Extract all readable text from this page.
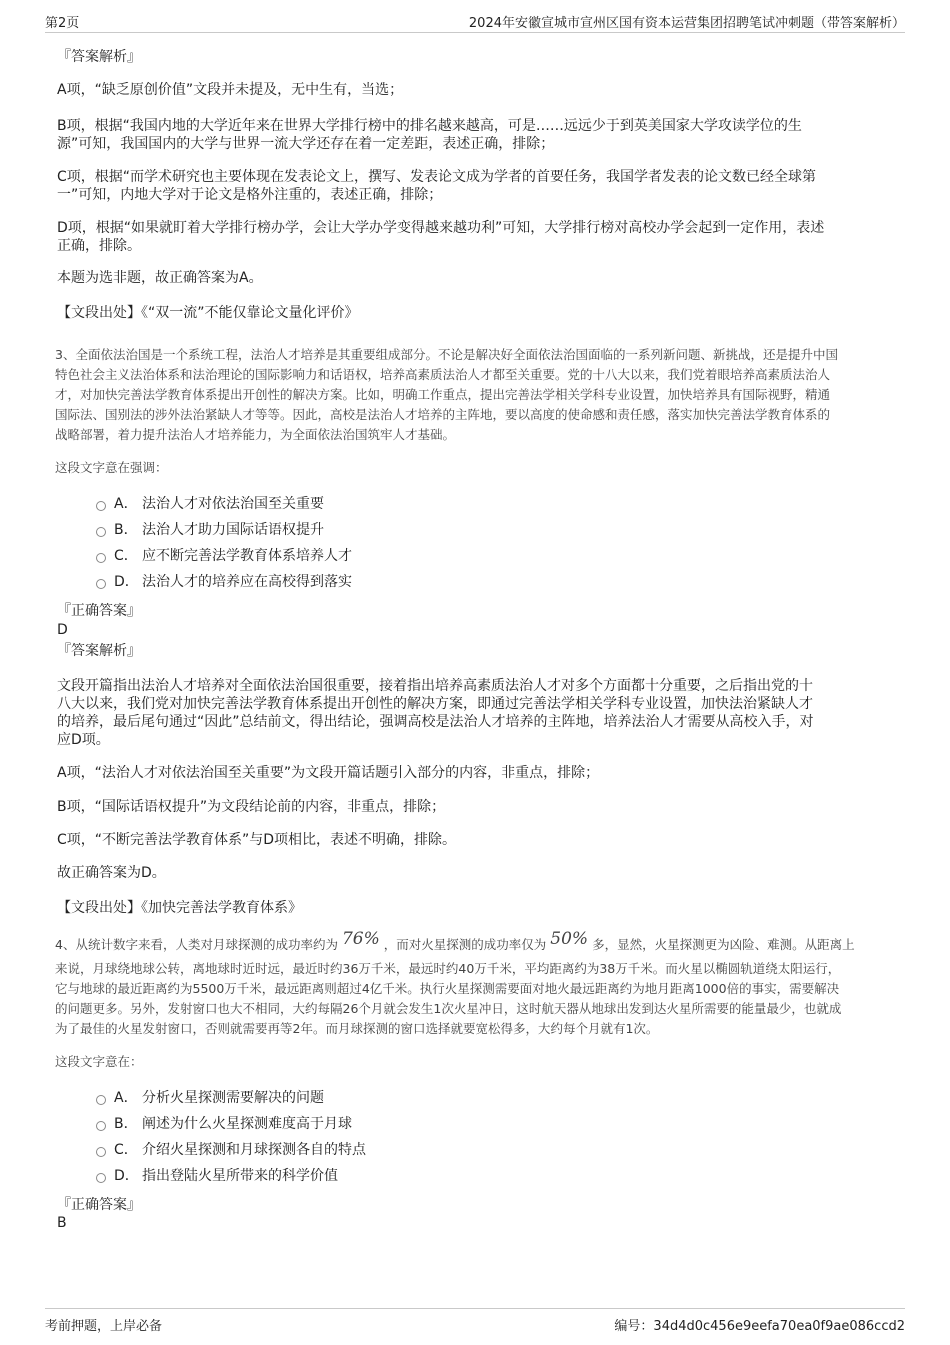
第2页	2024年安徽宣城市宣州区国有资本运营集团招聘笔试冲刺题（带答案解析）
『答案解析』
A项，“缺乏原创价值”文段并未提及，无中生有，当选；
B项，根据“我国内地的大学近年来在世界大学排行榜中的排名越来越高，可是……远远少于到英美国家大学攻读学位的生
源”可知，我国国内的大学与世界一流大学还存在着一定差距，表述正确，排除；
C项，根据“而学术研究也主要体现在发表论文上，撰写、发表论文成为学者的首要任务，我国学者发表的论文数已经全球第
一”可知，内地大学对于论文是格外注重的，表述正确，排除；
D项，根据“如果就盯着大学排行榜办学，会让大学办学变得越来越功利”可知，大学排行榜对高校办学会起到一定作用，表述
正确，排除。
本题为选非题，故正确答案为A。
【文段出处】《“双一流”不能仅靠论文量化评价》
3、全面依法治国是一个系统工程，法治人才培养是其重要组成部分。不论是解决好全面依法治国面临的一系列新问题、新挑战，还是提升中国
特色社会主义法治体系和法治理论的国际影响力和话语权，培养高素质法治人才都至关重要。党的十八大以来，我们党着眼培养高素质法治人
才，对加快完善法学教育体系提出开创性的解决方案。比如，明确工作重点，提出完善法学相关学科专业设置，加快培养具有国际视野，精通
国际法、国别法的涉外法治紧缺人才等等。因此，高校是法治人才培养的主阵地，要以高度的使命感和责任感，落实加快完善法学教育体系的
战略部署，着力提升法治人才培养能力，为全面依法治国筑牢人才基础。
这段文字意在强调：
A． 法治人才对依法治国至关重要
B． 法治人才助力国际话语权提升
C． 应不断完善法学教育体系培养人才
D． 法治人才的培养应在高校得到落实
『正确答案』
D
『答案解析』
文段开篇指出法治人才培养对全面依法治国很重要，接着指出培养高素质法治人才对多个方面都十分重要，之后指出党的十
八大以来，我们党对加快完善法学教育体系提出开创性的解决方案，即通过完善法学相关学科专业设置，加快法治紧缺人才
的培养，最后尾句通过“因此”总结前文，得出结论，强调高校是法治人才培养的主阵地，培养法治人才需要从高校入手，对
应D项。
A项，“法治人才对依法治国至关重要”为文段开篇话题引入部分的内容，非重点，排除；
B项，“国际话语权提升”为文段结论前的内容，非重点，排除；
C项，“不断完善法学教育体系”与D项相比，表述不明确，排除。
故正确答案为D。
【文段出处】《加快完善法学教育体系》
4、从统计数字来看，人类对月球探测的成功率约为 76% ，而对火星探测的成功率仅为 50% 多，显然，火星探测更为凶险、难测。从距离上
来说，月球绕地球公转，离地球时近时远，最近时约36万千米，最远时约40万千米，平均距离约为38万千米。而火星以椭圆轨道绕太阳运行，
它与地球的最近距离约为5500万千米，最远距离则超过4亿千米。执行火星探测需要面对地火最远距离约为地月距离1000倍的事实，需要解决
的问题更多。另外，发射窗口也大不相同，大约每隔26个月就会发生1次火星冲日，这时航天器从地球出发到达火星所需要的能量最少，也就成
为了最佳的火星发射窗口，否则就需要再等2年。而月球探测的窗口选择就要宽松得多，大约每个月就有1次。
这段文字意在：
A． 分析火星探测需要解决的问题
B． 阐述为什么火星探测难度高于月球
C． 介绍火星探测和月球探测各自的特点
D． 指出登陆火星所带来的科学价值
『正确答案』
B
考前押题，上岸必备	编号：34d4d0c456e9eefa70ea0f9ae086ccd2
